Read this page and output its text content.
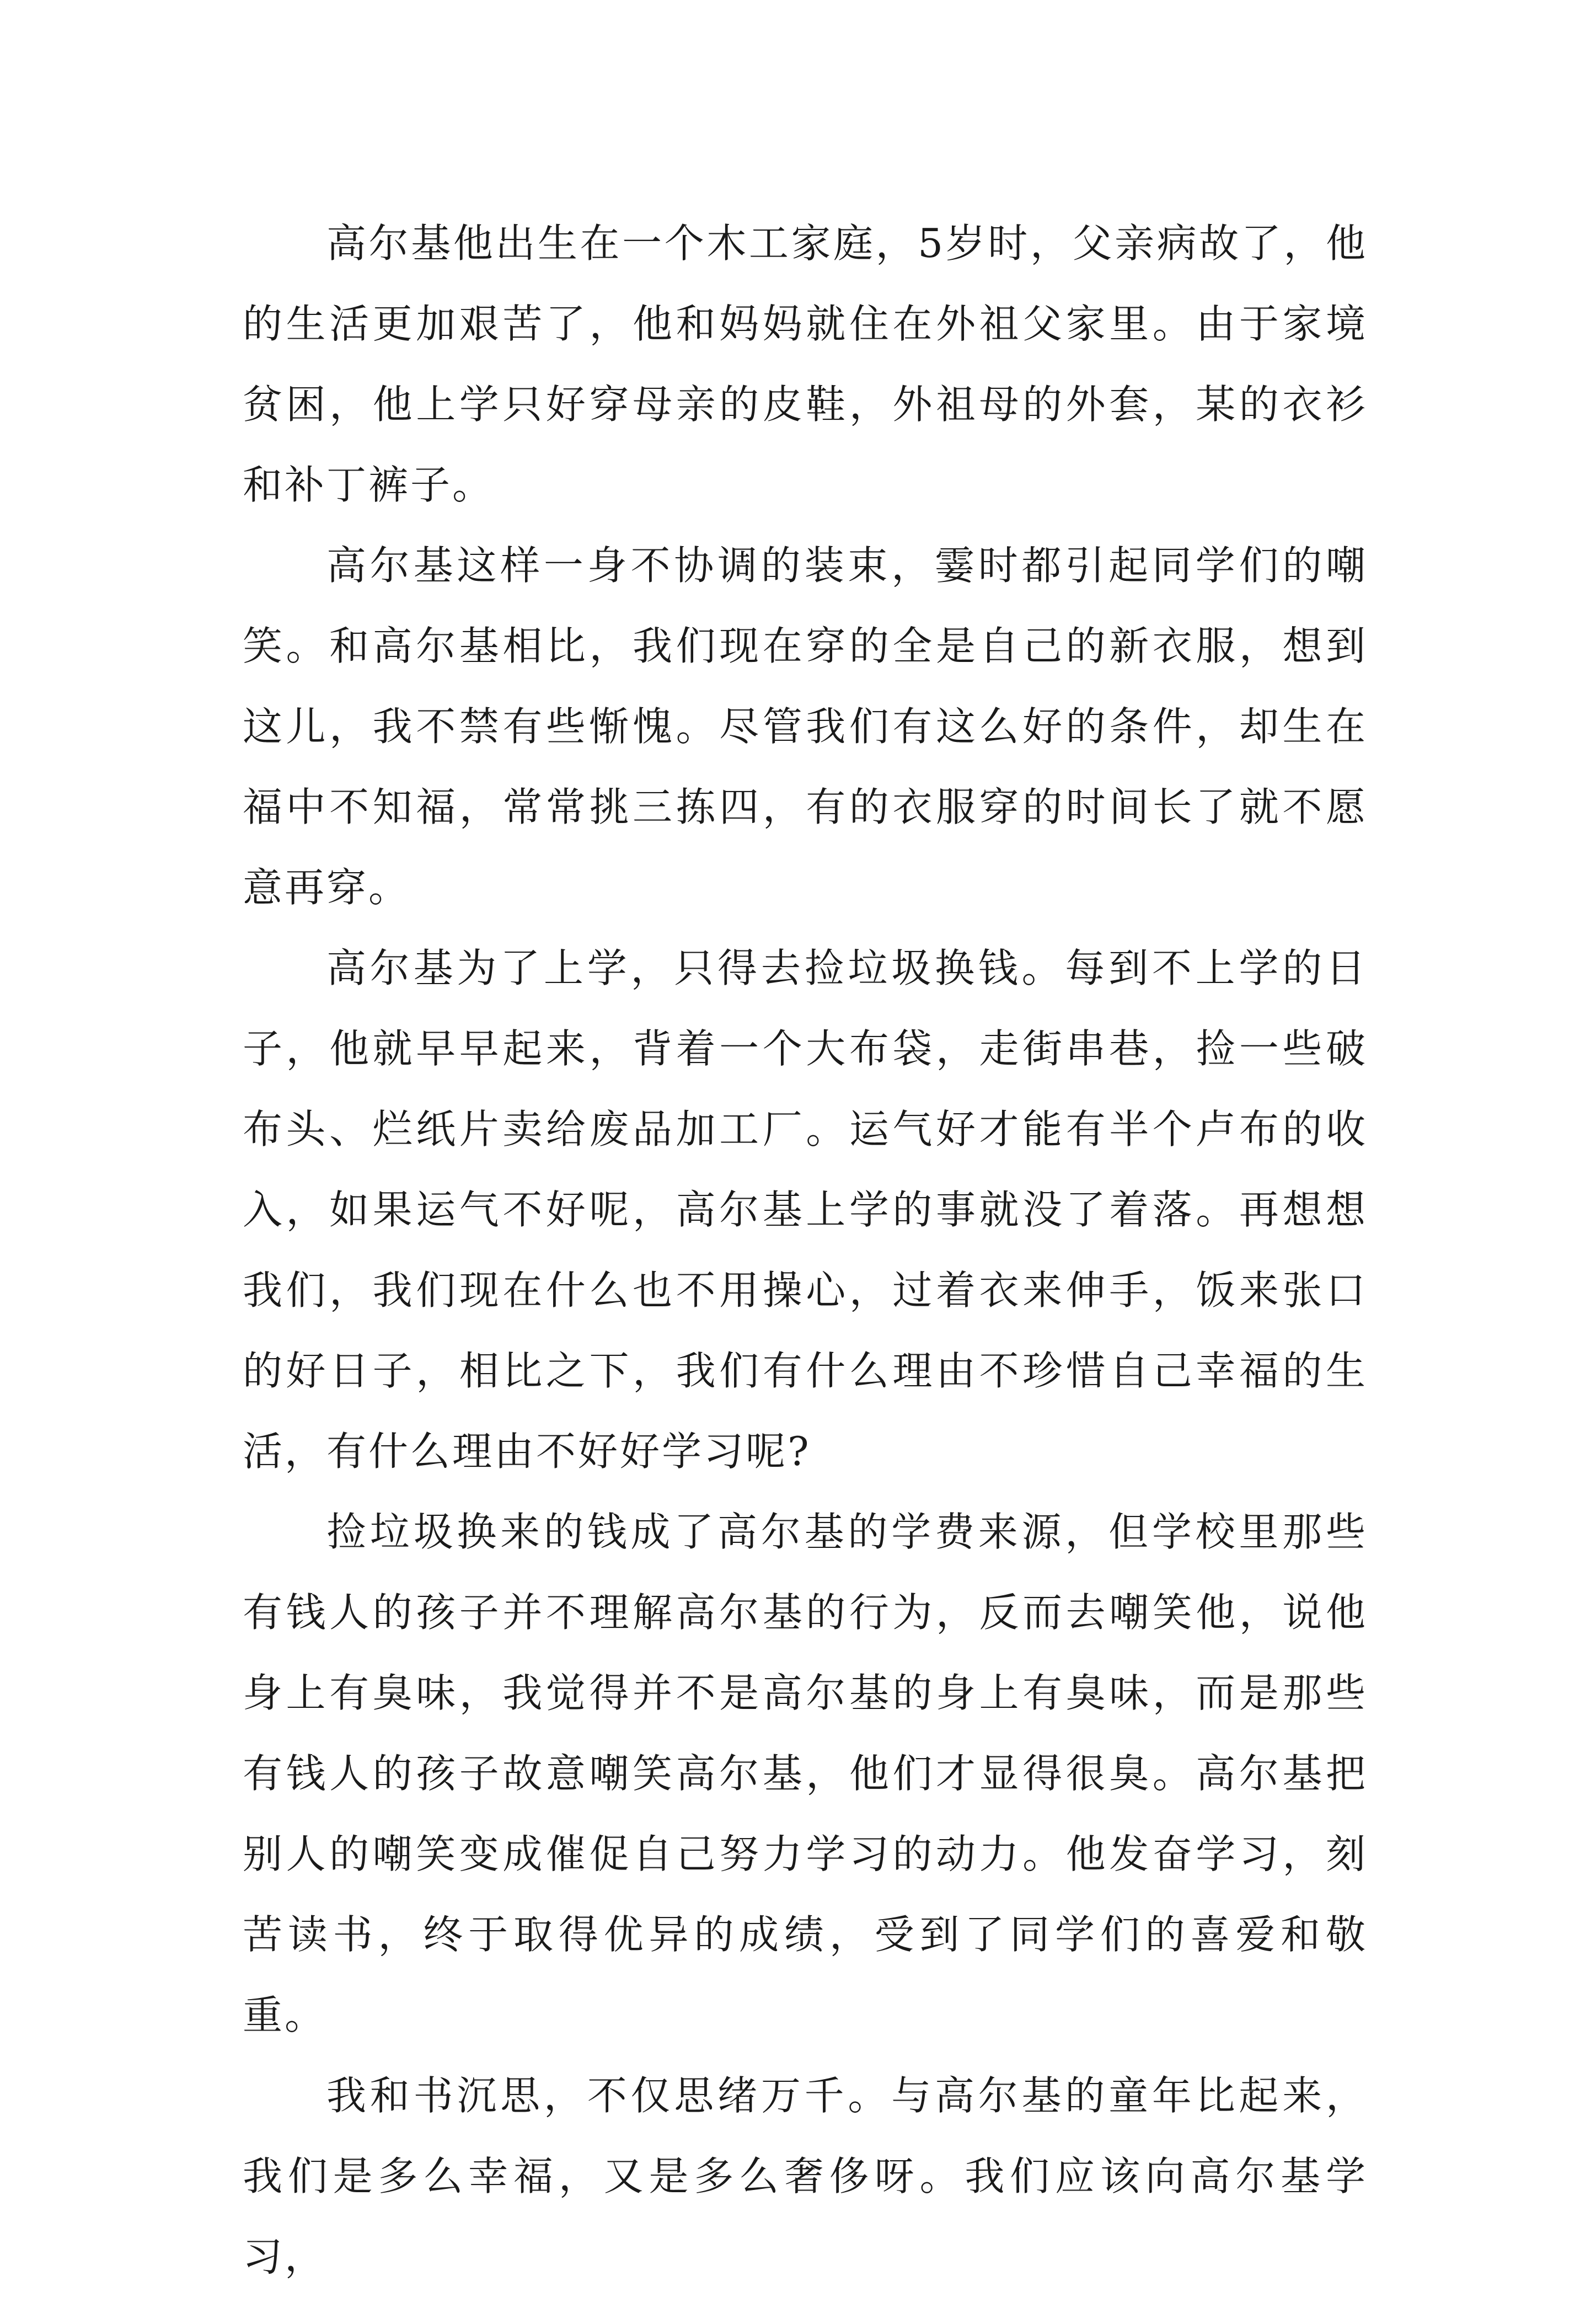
高尔基他出生在一个木工家庭，5岁时，父亲病故了，他的生活更加艰苦了，他和妈妈就住在外祖父家里。由于家境贫困，他上学只好穿母亲的皮鞋，外祖母的外套，某的衣衫和补丁裤子。

高尔基这样一身不协调的装束，霎时都引起同学们的嘲笑。和高尔基相比，我们现在穿的全是自己的新衣服，想到这儿，我不禁有些惭愧。尽管我们有这么好的条件，却生在福中不知福，常常挑三拣四，有的衣服穿的时间长了就不愿意再穿。

高尔基为了上学，只得去捡垃圾换钱。每到不上学的日子，他就早早起来，背着一个大布袋，走街串巷，捡一些破布头、烂纸片卖给废品加工厂。运气好才能有半个卢布的收入，如果运气不好呢，高尔基上学的事就没了着落。再想想我们，我们现在什么也不用操心，过着衣来伸手，饭来张口的好日子，相比之下，我们有什么理由不珍惜自己幸福的生活，有什么理由不好好学习呢?

捡垃圾换来的钱成了高尔基的学费来源，但学校里那些有钱人的孩子并不理解高尔基的行为，反而去嘲笑他，说他身上有臭味，我觉得并不是高尔基的身上有臭味，而是那些有钱人的孩子故意嘲笑高尔基，他们才显得很臭。高尔基把别人的嘲笑变成催促自己努力学习的动力。他发奋学习，刻苦读书，终于取得优异的成绩，受到了同学们的喜爱和敬重。

我和书沉思，不仅思绪万千。与高尔基的童年比起来，我们是多么幸福，又是多么奢侈呀。我们应该向高尔基学习，
